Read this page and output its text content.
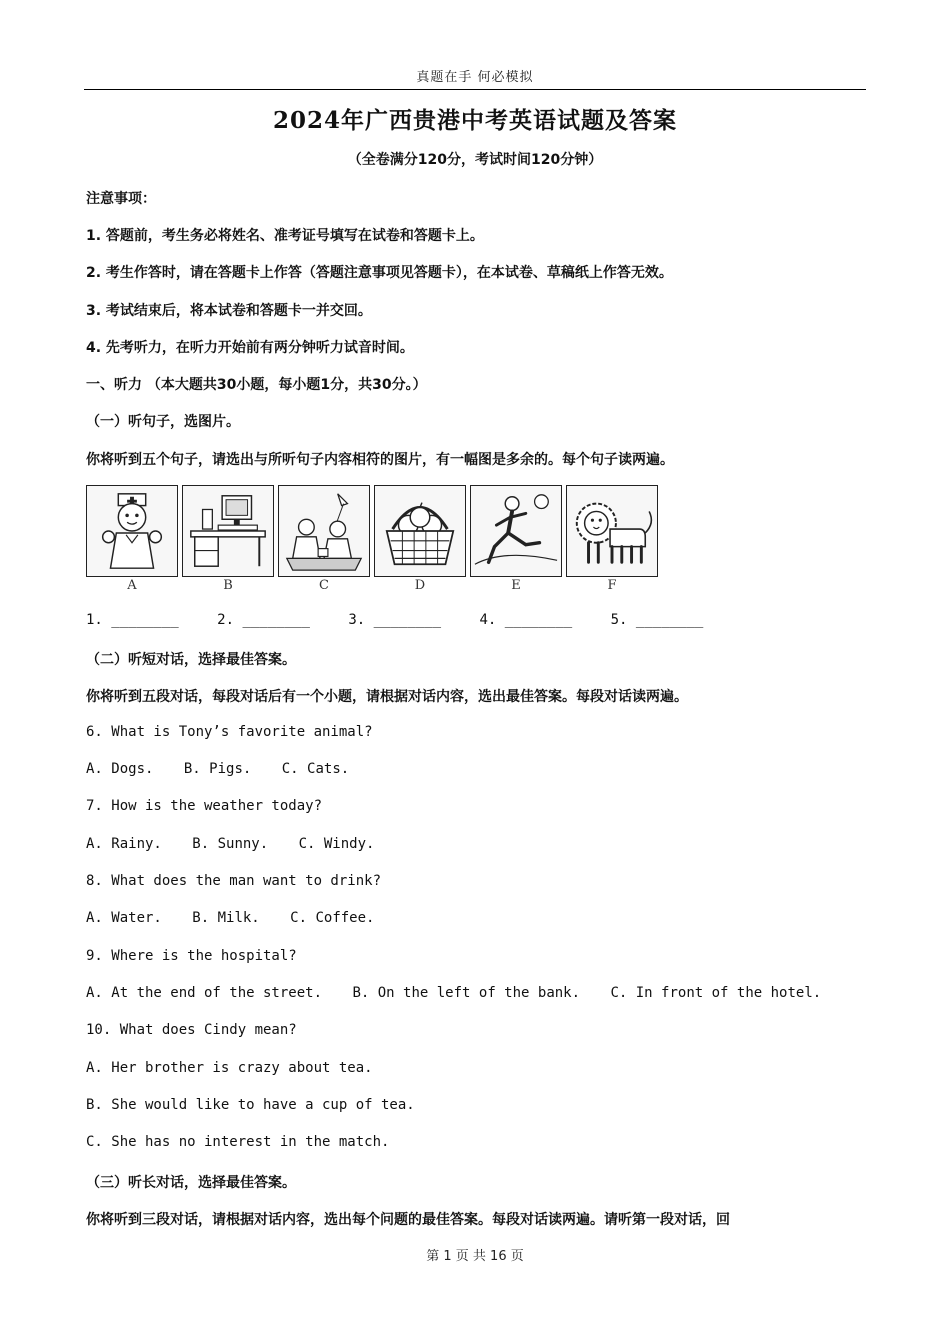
真题在手 何必模拟
2024年广西贵港中考英语试题及答案
（全卷满分120分，考试时间120分钟）
注意事项：
1. 答题前，考生务必将姓名、准考证号填写在试卷和答题卡上。
2. 考生作答时，请在答题卡上作答（答题注意事项见答题卡），在本试卷、草稿纸上作答无效。
3. 考试结束后，将本试卷和答题卡一并交回。
4. 先考听力，在听力开始前有两分钟听力试音时间。
一、听力 （本大题共30小题，每小题1分，共30分。）
（一）听句子，选图片。
你将听到五个句子，请选出与所听句子内容相符的图片，有一幅图是多余的。每个句子读两遍。
A	B	C	D	E	F
1. ________	2. ________	3. ________	4. ________	5. ________
（二）听短对话，选择最佳答案。
你将听到五段对话，每段对话后有一个小题，请根据对话内容，选出最佳答案。每段对话读两遍。
6. What is Tony’s favorite animal?
A. Dogs. B. Pigs. C. Cats.
7. How is the weather today?
A. Rainy. B. Sunny. C. Windy.
8. What does the man want to drink?
A. Water. B. Milk. C. Coffee.
9. Where is the hospital?
A. At the end of the street. B. On the left of the bank. C. In front of the hotel.
10. What does Cindy mean?
A. Her brother is crazy about tea.
B. She would like to have a cup of tea.
C. She has no interest in the match.
（三）听长对话，选择最佳答案。
你将听到三段对话，请根据对话内容，选出每个问题的最佳答案。每段对话读两遍。请听第一段对话，回
第 1 页 共 16 页
